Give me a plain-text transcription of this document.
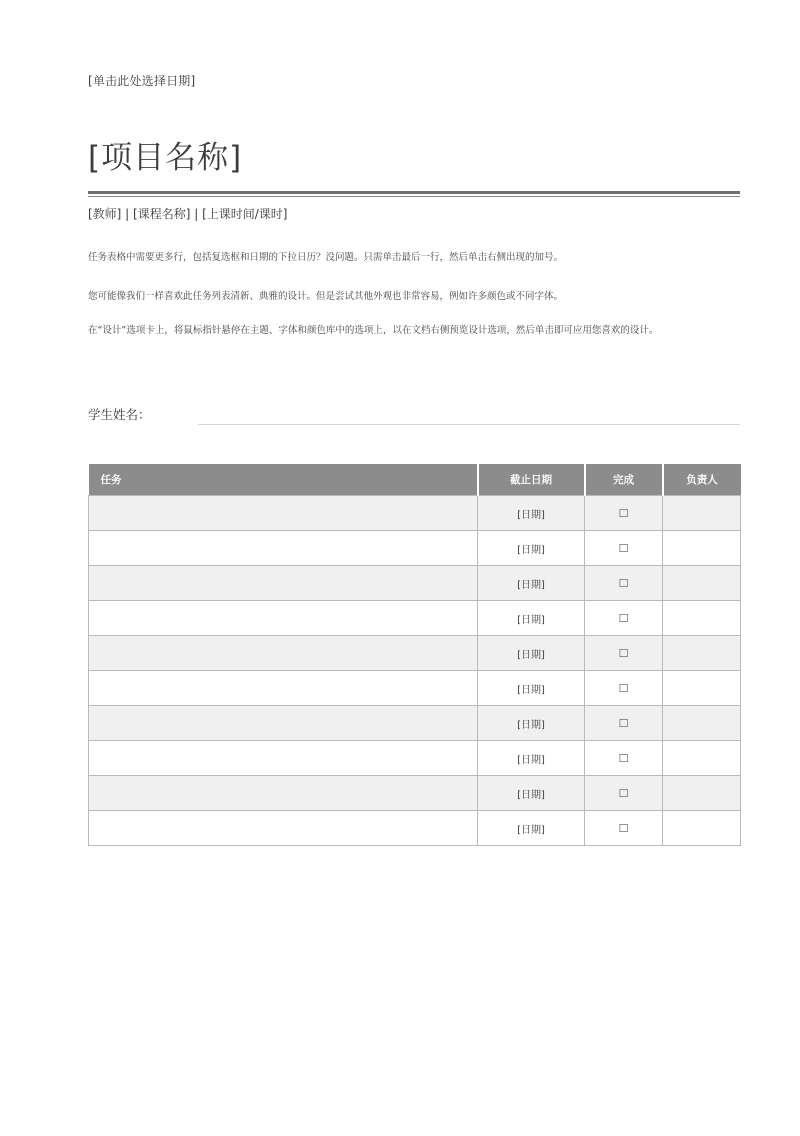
[单击此处选择日期]
[项目名称]
[教师] | [课程名称] | [上课时间/课时]

任务表格中需要更多行，包括复选框和日期的下拉日历？没问题。只需单击最后一行，然后单击右侧出现的加号。

您可能像我们一样喜欢此任务列表清新、典雅的设计。但是尝试其他外观也非常容易，例如许多颜色或不同字体。

在“设计”选项卡上，将鼠标指针悬停在主题、字体和颜色库中的选项上，以在文档右侧预览设计选项，然后单击即可应用您喜欢的设计。

学生姓名：
任务	截止日期	完成	负责人
	[日期]	☐	
	[日期]	☐	
	[日期]	☐	
	[日期]	☐	
	[日期]	☐	
	[日期]	☐	
	[日期]	☐	
	[日期]	☐	
	[日期]	☐	
	[日期]	☐	
